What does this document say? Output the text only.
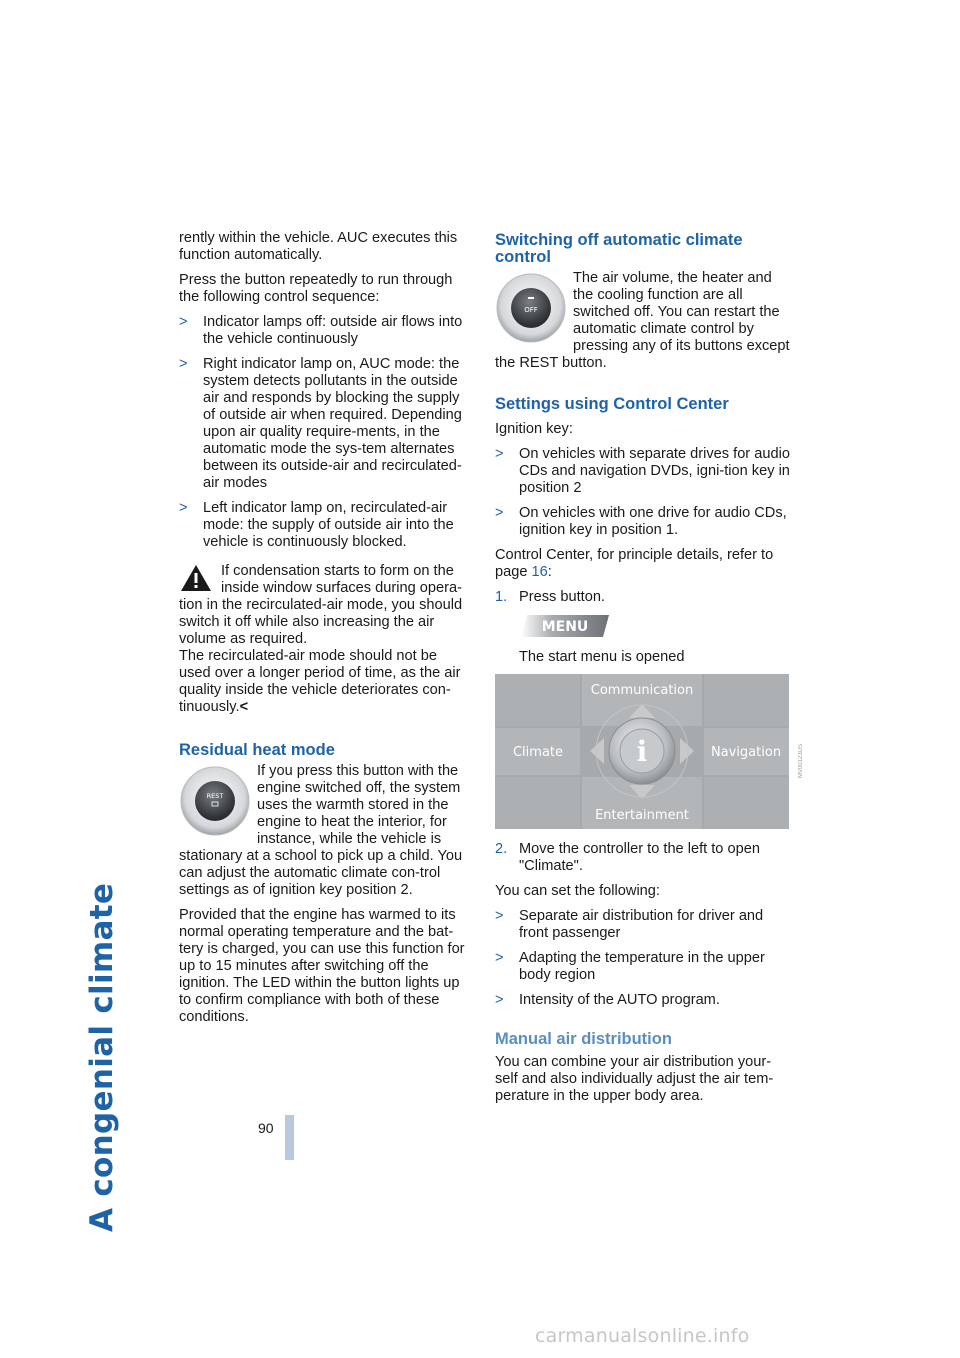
A congenial climate

rently within the vehicle. AUC executes this function automatically.

Press the button repeatedly to run through the following control sequence:

> Indicator lamps off: outside air flows into the vehicle continuously
> Right indicator lamp on, AUC mode: the system detects pollutants in the outside air and responds by blocking the supply of outside air when required. Depending upon air quality require-ments, in the automatic mode the sys-tem alternates between its outside-air and recirculated-air modes
> Left indicator lamp on, recirculated-air mode: the supply of outside air into the vehicle is continuously blocked.
If condensation starts to form on the inside window surfaces during opera-tion in the recirculated-air mode, you should switch it off while also increasing the air volume as required.
The recirculated-air mode should not be used over a longer period of time, as the air quality inside the vehicle deteriorates con-tinuously.<
Residual heat mode
REST

If you press this button with the engine switched off, the system uses the warmth stored in the engine to heat the interior, for instance, while the vehicle is stationary at a school to pick up a child. You can adjust the automatic climate con-trol settings as of ignition key position 2.

Provided that the engine has warmed to its normal operating temperature and the bat-tery is charged, you can use this function for up to 15 minutes after switching off the ignition. The LED within the button lights up to confirm compliance with both of these conditions.

Switching off automatic climate control
OFF

The air volume, the heater and the cooling function are all switched off. You can restart the automatic climate control by pressing any of its buttons except the REST button.

Settings using Control Center

Ignition key:

> On vehicles with separate drives for audio CDs and navigation DVDs, igni-tion key in position 2
> On vehicles with one drive for audio CDs, ignition key in position 1.

Control Center, for principle details, refer to page 16:

1. Press button.
MENU

The start menu is opened

i
Communication
Climate	Navigation
Entertainment
MV00123US
2. Move the controller to the left to open "Climate".

You can set the following:

> Separate air distribution for driver and front passenger
> Adapting the temperature in the upper body region
> Intensity of the AUTO program.
Manual air distribution

You can combine your air distribution your-self and also individually adjust the air tem-perature in the upper body area.

90
carmanualsonline.info
